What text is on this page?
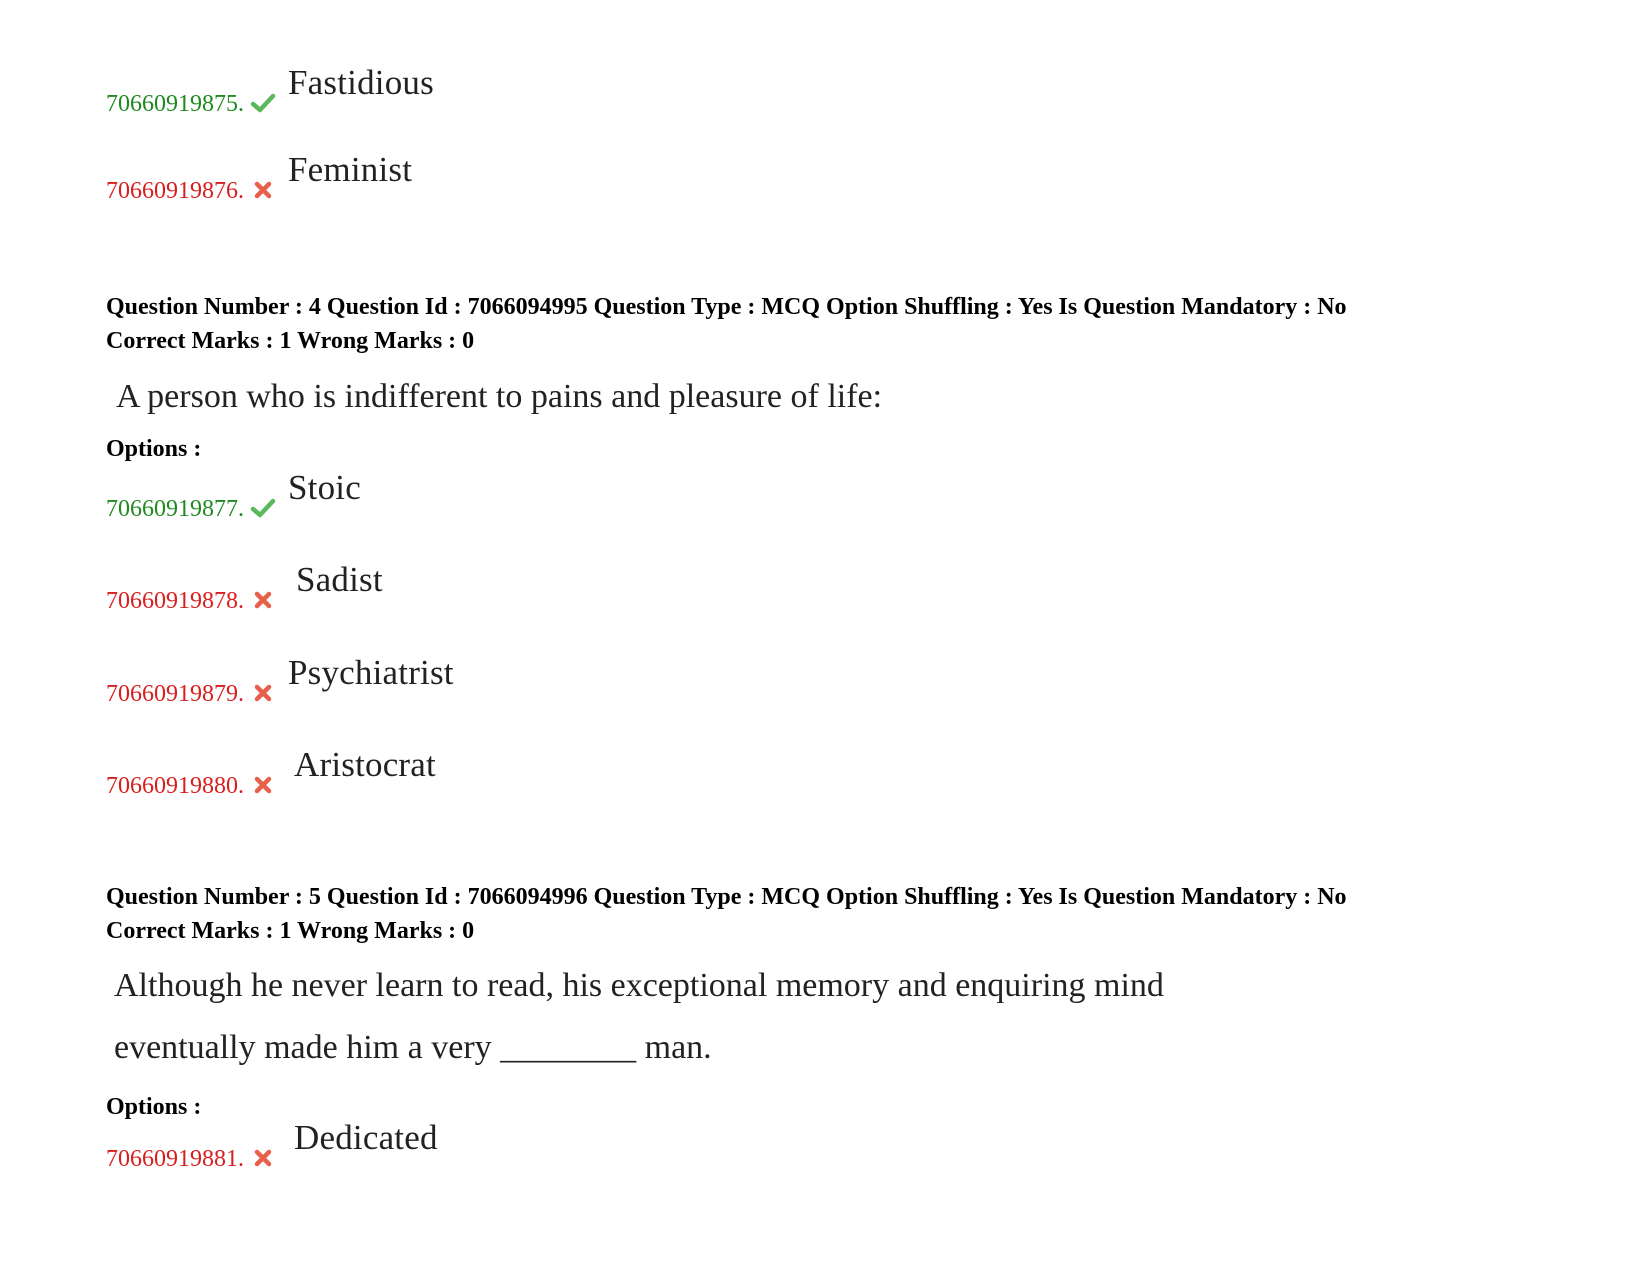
70660919875.
Fastidious
70660919876.
Feminist
Question Number : 4 Question Id : 7066094995 Question Type : MCQ Option Shuffling : Yes Is Question Mandatory : No
Correct Marks : 1 Wrong Marks : 0
A person who is indifferent to pains and pleasure of life:
Options :
70660919877.
Stoic
70660919878.
Sadist
70660919879.
Psychiatrist
70660919880.
Aristocrat
Question Number : 5 Question Id : 7066094996 Question Type : MCQ Option Shuffling : Yes Is Question Mandatory : No
Correct Marks : 1 Wrong Marks : 0
Although he never learn to read, his exceptional memory and enquiring mind
eventually made him a very ________ man.
Options :
70660919881.
Dedicated
